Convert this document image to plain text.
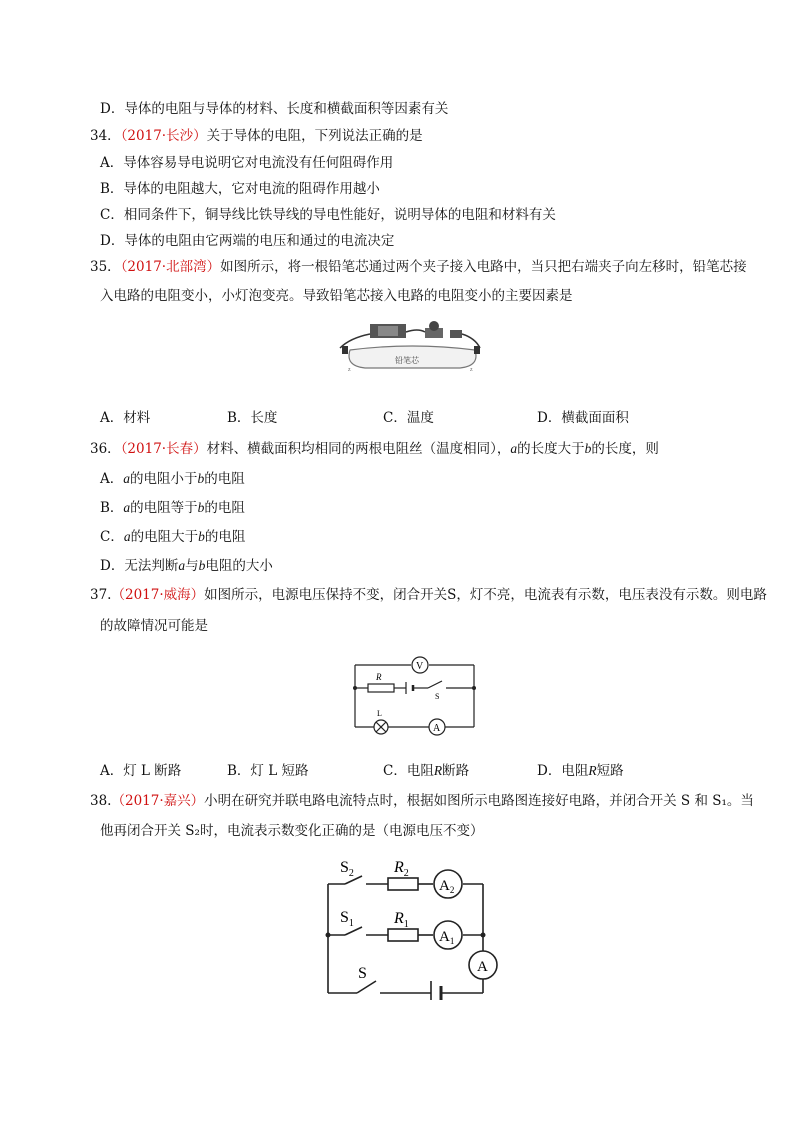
D．导体的电阻与导体的材料、长度和横截面积等因素有关
34．（2017·长沙）关于导体的电阻，下列说法正确的是
A．导体容易导电说明它对电流没有任何阻碍作用
B．导体的电阻越大，它对电流的阻碍作用越小
C．相同条件下，铜导线比铁导线的导电性能好，说明导体的电阻和材料有关
D．导体的电阻由它两端的电压和通过的电流决定
35．（2017·北部湾）如图所示，将一根铅笔芯通过两个夹子接入电路中，当只把右端夹子向左移时，铅笔芯接
入电路的电阻变小，小灯泡变亮。导致铅笔芯接入电路的电阻变小的主要因素是
铅笔芯
z	z
A．材料	B．长度	C．温度	D．横截面面积
36．（2017·长春）材料、横截面积均相同的两根电阻丝（温度相同），a的长度大于b的长度，则
A．a的电阻小于b的电阻
B．a的电阻等于b的电阻
C．a的电阻大于b的电阻
D．无法判断a与b电阻的大小
37.（2017·威海）如图所示，电源电压保持不变，闭合开关S，灯不亮，电流表有示数，电压表没有示数。则电路
的故障情况可能是
V
R
S
L
A
A．灯 L 断路	B．灯 L 短路	C．电阻R断路	D．电阻R短路
38.（2017·嘉兴）小明在研究并联电路电流特点时，根据如图所示电路图连接好电路，并闭合开关 S 和 S₁。当
他再闭合开关 S₂时，电流表示数变化正确的是（电源电压不变）
$S_2$	$R_2$
$A_2$
$S_1$	$R_1$
$A_1$
A
S
